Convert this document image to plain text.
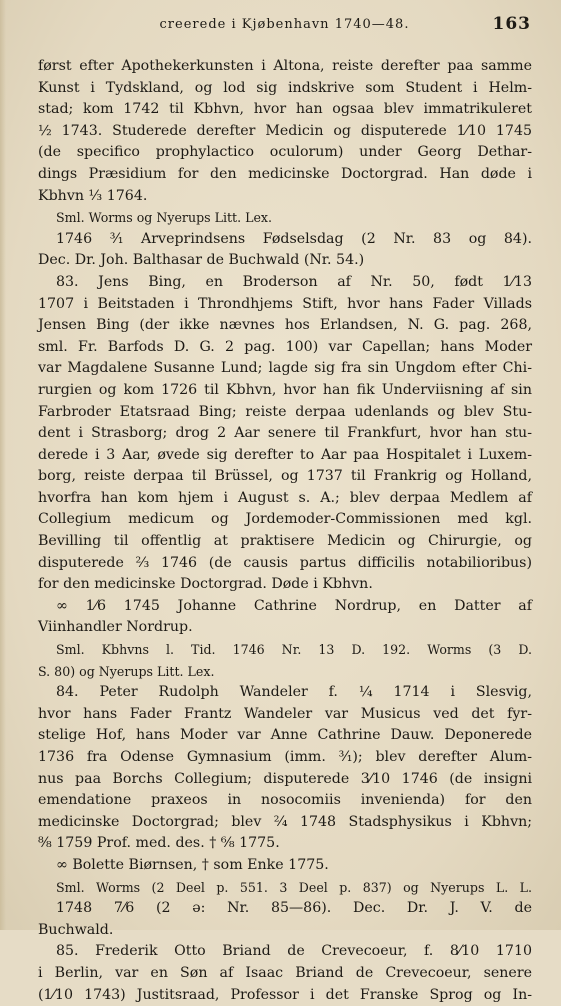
creerede i Kjøbenhavn 1740—48.	163
først efter Apothekerkunsten i Altona, reiste derefter paa samme
Kunst i Tydskland, og lod sig indskrive som Student i Helm-
stad; kom 1742 til Kbhvn, hvor han ogsaa blev immatrikuleret
½ 1743. Studerede derefter Medicin og disputerede 1⁄10 1745
(de specifico prophylactico oculorum) under Georg Dethar-
dings Præsidium for den medicinske Doctorgrad. Han døde i
Kbhvn ¹⁄₃ 1764.
Sml. Worms og Nyerups Litt. Lex.
1746 ³⁄₁ Arveprindsens Fødselsdag (2 Nr. 83 og 84).
Dec. Dr. Joh. Balthasar de Buchwald (Nr. 54.)
83. Jens Bing, en Broderson af Nr. 50, født 1⁄13
1707 i Beitstaden i Throndhjems Stift, hvor hans Fader Villads
Jensen Bing (der ikke nævnes hos Erlandsen, N. G. pag. 268,
sml. Fr. Barfods D. G. 2 pag. 100) var Capellan; hans Moder
var Magdalene Susanne Lund; lagde sig fra sin Ungdom efter Chi-
rurgien og kom 1726 til Kbhvn, hvor han fik Underviisning af sin
Farbroder Etatsraad Bing; reiste derpaa udenlands og blev Stu-
dent i Strasborg; drog 2 Aar senere til Frankfurt, hvor han stu-
derede i 3 Aar, øvede sig derefter to Aar paa Hospitalet i Luxem-
borg, reiste derpaa til Brüssel, og 1737 til Frankrig og Holland,
hvorfra han kom hjem i August s. A.; blev derpaa Medlem af
Collegium medicum og Jordemoder-Commissionen med kgl.
Bevilling til offentlig at praktisere Medicin og Chirurgie, og
disputerede ²⁄₃ 1746 (de causis partus difficilis notabilioribus)
for den medicinske Doctorgrad. Døde i Kbhvn.
∞ 1⁄6 1745 Johanne Cathrine Nordrup, en Datter af
Viinhandler Nordrup.
Sml. Kbhvns l. Tid. 1746 Nr. 13 D. 192. Worms (3 D.
S. 80) og Nyerups Litt. Lex.
84. Peter Rudolph Wandeler f. ¼ 1714 i Slesvig,
hvor hans Fader Frantz Wandeler var Musicus ved det fyr-
stelige Hof, hans Moder var Anne Cathrine Dauw. Deponerede
1736 fra Odense Gymnasium (imm. ³⁄₁); blev derefter Alum-
nus paa Borchs Collegium; disputerede 3⁄10 1746 (de insigni
emendatione praxeos in nosocomiis invenienda) for den
medicinske Doctorgrad; blev ²⁄₄ 1748 Stadsphysikus i Kbhvn;
⁸⁄₈ 1759 Prof. med. des. † ⁶⁄₈ 1775.
∞ Bolette Biørnsen, † som Enke 1775.
Sml. Worms (2 Deel p. 551. 3 Deel p. 837) og Nyerups L. L.
1748 7⁄6 (2 ə: Nr. 85—86). Dec. Dr. J. V. de
Buchwald.
85. Frederik Otto Briand de Crevecoeur, f. 8⁄10 1710
i Berlin, var en Søn af Isaac Briand de Crevecoeur, senere
(1⁄10 1743) Justitsraad, Professor i det Franske Sprog og In-
